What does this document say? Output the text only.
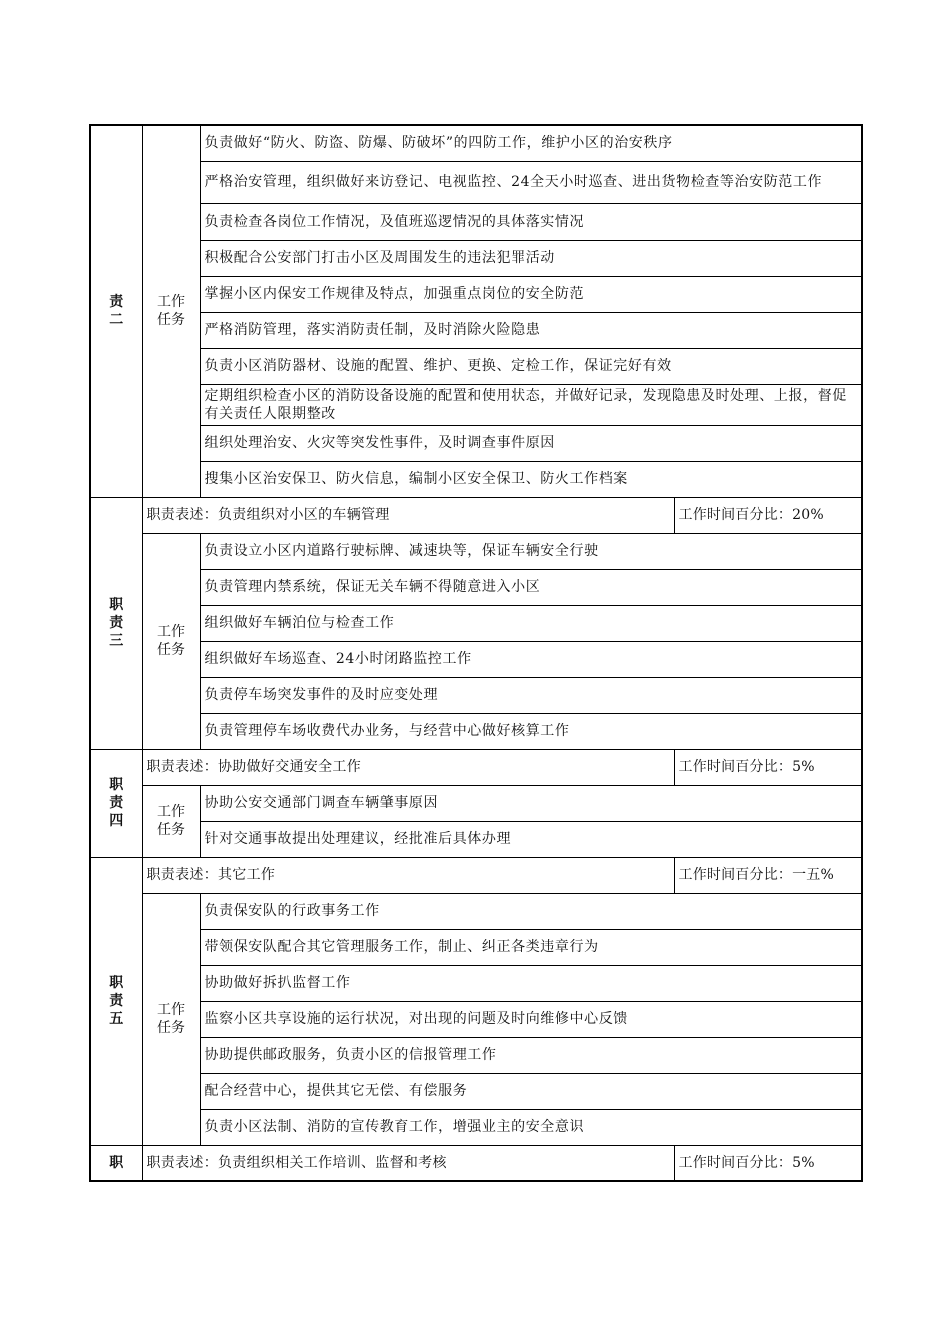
责
二	工作
任务	负责做好“防火、防盗、防爆、防破坏”的四防工作，维护小区的治安秩序	
		严格治安管理，组织做好来访登记、电视监控、24全天小时巡查、进出货物检查等治安防范工作	
		负责检查各岗位工作情况，及值班巡逻情况的具体落实情况	
		积极配合公安部门打击小区及周围发生的违法犯罪活动	
		掌握小区内保安工作规律及特点，加强重点岗位的安全防范	
		严格消防管理，落实消防责任制，及时消除火险隐患	
		负责小区消防器材、设施的配置、维护、更换、定检工作，保证完好有效	
		定期组织检查小区的消防设备设施的配置和使用状态，并做好记录，发现隐患及时处理、上报，督促有关责任人限期整改	
		组织处理治安、火灾等突发性事件，及时调查事件原因	
		搜集小区治安保卫、防火信息，编制小区安全保卫、防火工作档案	

职
责
三	职责表述：负责组织对小区的车辆管理		工作时间百分比：20%

	工作
任务	负责设立小区内道路行驶标牌、减速块等，保证车辆安全行驶	
		负责管理内禁系统，保证无关车辆不得随意进入小区	
		组织做好车辆泊位与检查工作	
		组织做好车场巡查、24小时闭路监控工作	
		负责停车场突发事件的及时应变处理	
		负责管理停车场收费代办业务，与经营中心做好核算工作	

职
责
四	职责表述：协助做好交通安全工作		工作时间百分比：5%

	工作
任务	协助公安交通部门调查车辆肇事原因	
		针对交通事故提出处理建议，经批准后具体办理	

职
责
五	职责表述：其它工作		工作时间百分比：一五%

	工作
任务	负责保安队的行政事务工作	
		带领保安队配合其它管理服务工作，制止、纠正各类违章行为	
		协助做好拆扒监督工作	
		监察小区共享设施的运行状况，对出现的问题及时向维修中心反馈	
		协助提供邮政服务，负责小区的信报管理工作	
		配合经营中心，提供其它无偿、有偿服务	
		负责小区法制、消防的宣传教育工作，增强业主的安全意识	

职	职责表述：负责组织相关工作培训、监督和考核		工作时间百分比：5%
